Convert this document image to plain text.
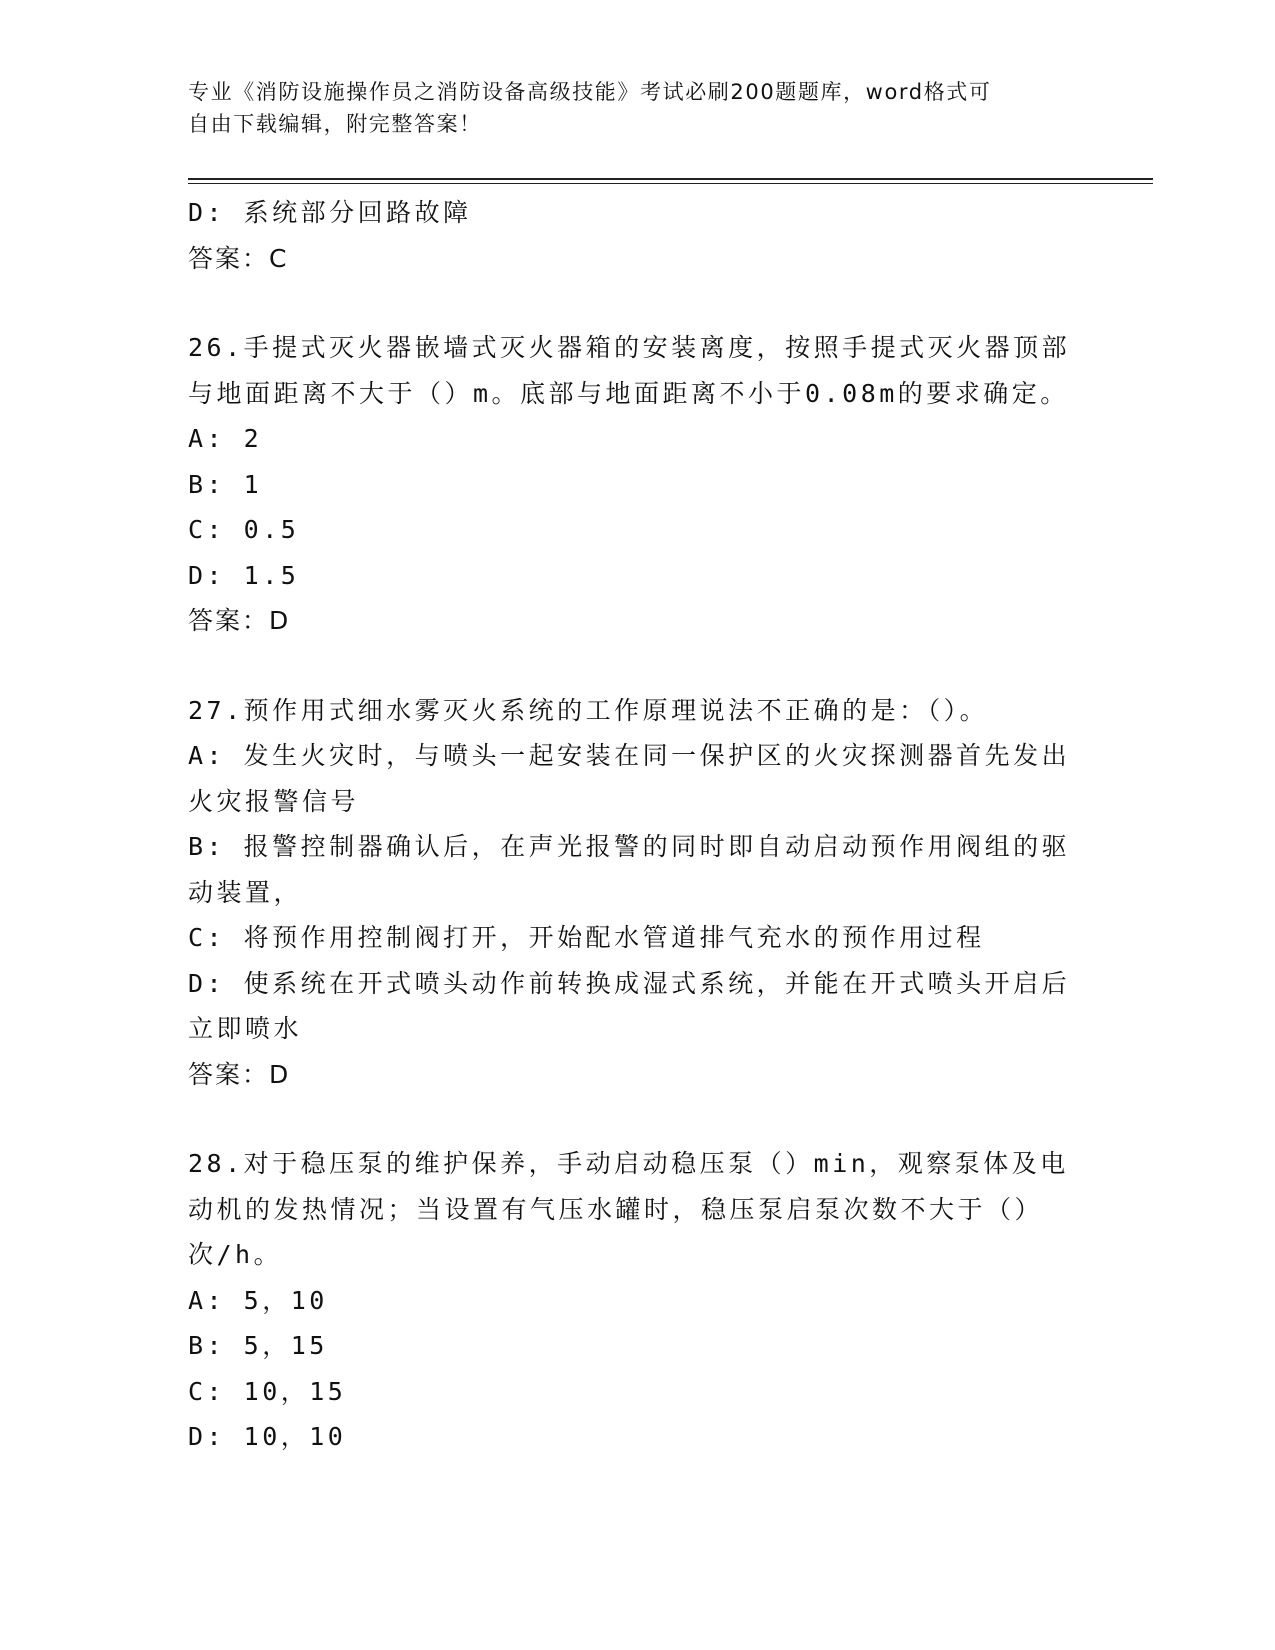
专业《消防设施操作员之消防设备高级技能》考试必刷200题题库，word格式可
自由下载编辑，附完整答案！

D: 系统部分回路故障

答案：C

26.手提式灭火器嵌墙式灭火器箱的安装离度，按照手提式灭火器顶部

与地面距离不大于（）m。底部与地面距离不小于0.08m的要求确定。

A: 2

B: 1

C: 0.5

D: 1.5

答案：D

27.预作用式细水雾灭火系统的工作原理说法不正确的是：（）。

A: 发生火灾时，与喷头一起安装在同一保护区的火灾探测器首先发出

火灾报警信号

B: 报警控制器确认后，在声光报警的同时即自动启动预作用阀组的驱

动装置，

C: 将预作用控制阀打开，开始配水管道排气充水的预作用过程

D: 使系统在开式喷头动作前转换成湿式系统，并能在开式喷头开启后

立即喷水

答案：D

28.对于稳压泵的维护保养，手动启动稳压泵（）min，观察泵体及电

动机的发热情况；当设置有气压水罐时，稳压泵启泵次数不大于（）

次/h。

A: 5，10

B: 5，15

C: 10，15

D: 10，10
